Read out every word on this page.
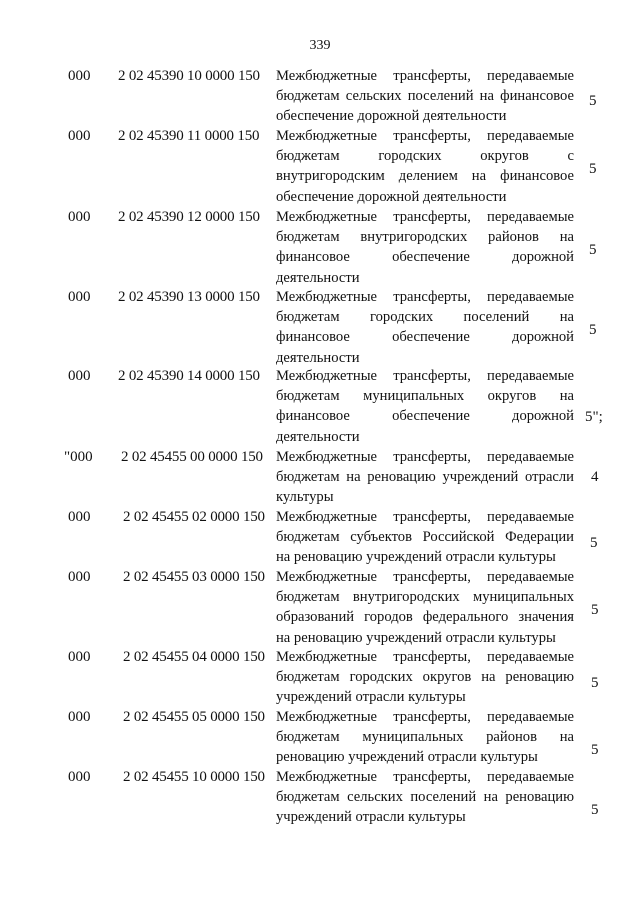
339
000 2 02 45390 10 0000 150 Межбюджетные трансферты, передаваемые
бюджетам сельских поселений на финансовое
обеспечение дорожной деятельности
5
000 2 02 45390 11 0000 150 Межбюджетные трансферты, передаваемые
бюджетам городских округов с
внутригородским делением на финансовое
обеспечение дорожной деятельности
5
000 2 02 45390 12 0000 150 Межбюджетные трансферты, передаваемые
бюджетам внутригородских районов на
финансовое обеспечение дорожной
деятельности
5
000 2 02 45390 13 0000 150 Межбюджетные трансферты, передаваемые
бюджетам городских поселений на
финансовое обеспечение дорожной
деятельности
5
000 2 02 45390 14 0000 150 Межбюджетные трансферты, передаваемые
бюджетам муниципальных округов на
финансовое обеспечение дорожной
деятельности
5";
"000 2 02 45455 00 0000 150 Межбюджетные трансферты, передаваемые
бюджетам на реновацию учреждений отрасли
культуры
4
000 2 02 45455 02 0000 150 Межбюджетные трансферты, передаваемые
бюджетам субъектов Российской Федерации
на реновацию учреждений отрасли культуры
5
000 2 02 45455 03 0000 150 Межбюджетные трансферты, передаваемые
бюджетам внутригородских муниципальных
образований городов федерального значения
на реновацию учреждений отрасли культуры
5
000 2 02 45455 04 0000 150 Межбюджетные трансферты, передаваемые
бюджетам городских округов на реновацию
учреждений отрасли культуры
5
000 2 02 45455 05 0000 150 Межбюджетные трансферты, передаваемые
бюджетам муниципальных районов на
реновацию учреждений отрасли культуры	5
000 2 02 45455 10 0000 150 Межбюджетные трансферты, передаваемые
бюджетам сельских поселений на реновацию
учреждений отрасли культуры	5
